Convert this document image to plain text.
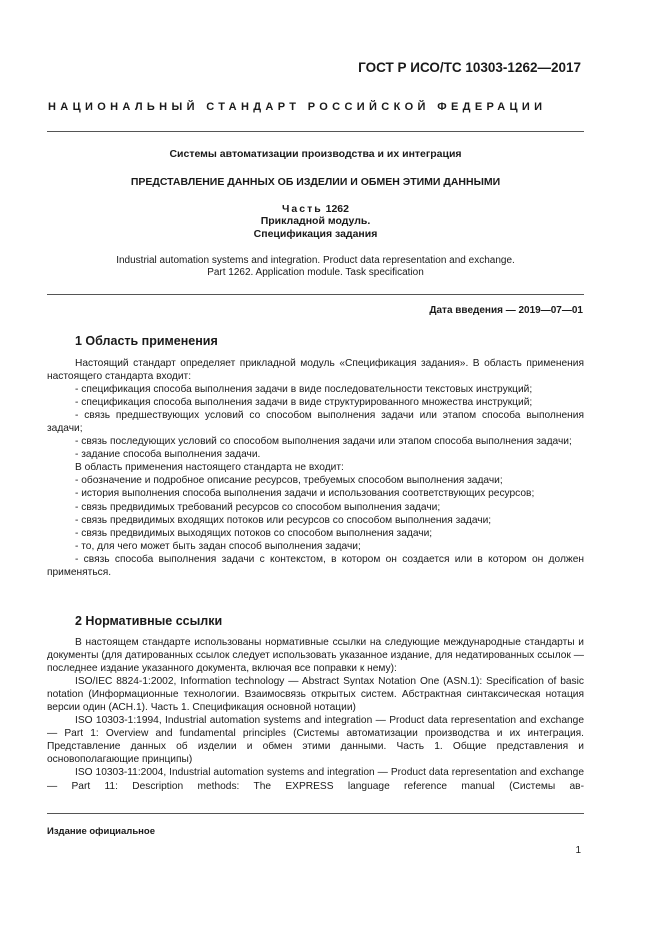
ГОСТ Р ИСО/ТС 10303-1262—2017
НАЦИОНАЛЬНЫЙ СТАНДАРТ РОССИЙСКОЙ ФЕДЕРАЦИИ
Системы автоматизации производства и их интеграция
ПРЕДСТАВЛЕНИЕ ДАННЫХ ОБ ИЗДЕЛИИ И ОБМЕН ЭТИМИ ДАННЫМИ
Часть 1262
Прикладной модуль.
Спецификация задания
Industrial automation systems and integration. Product data representation and exchange.
Part 1262. Application module. Task specification
Дата введения — 2019—07—01
1 Область применения

Настоящий стандарт определяет прикладной модуль «Спецификация задания». В область применения настоящего стандарта входит:

- спецификация способа выполнения задачи в виде последовательности текстовых инструкций;

- спецификация способа выполнения задачи в виде структурированного множества инструкций;

- связь предшествующих условий со способом выполнения задачи или этапом способа выполнения задачи;

- связь последующих условий со способом выполнения задачи или этапом способа выполнения задачи;

- задание способа выполнения задачи.

В область применения настоящего стандарта не входит:

- обозначение и подробное описание ресурсов, требуемых способом выполнения задачи;

- история выполнения способа выполнения задачи и использования соответствующих ресурсов;

- связь предвидимых требований ресурсов со способом выполнения задачи;

- связь предвидимых входящих потоков или ресурсов со способом выполнения задачи;

- связь предвидимых выходящих потоков со способом выполнения задачи;

- то, для чего может быть задан способ выполнения задачи;

- связь способа выполнения задачи с контекстом, в котором он создается или в котором он должен применяться.

2 Нормативные ссылки

В настоящем стандарте использованы нормативные ссылки на следующие международные стандарты и документы (для датированных ссылок следует использовать указанное издание, для недатированных ссылок — последнее издание указанного документа, включая все поправки к нему):

ISO/IEC 8824-1:2002, Information technology — Abstract Syntax Notation One (ASN.1): Specification of basic notation (Информационные технологии. Взаимосвязь открытых систем. Абстрактная синтаксическая нотация версии один (АСН.1). Часть 1. Спецификация основной нотации)

ISO 10303-1:1994, Industrial automation systems and integration — Product data representation and exchange — Part 1: Overview and fundamental principles (Системы автоматизации производства и их интеграция. Представление данных об изделии и обмен этими данными. Часть 1. Общие представления и основополагающие принципы)

ISO 10303-11:2004, Industrial automation systems and integration — Product data representation and exchange — Part 11: Description methods: The EXPRESS language reference manual (Системы ав-

Издание официальное
1
